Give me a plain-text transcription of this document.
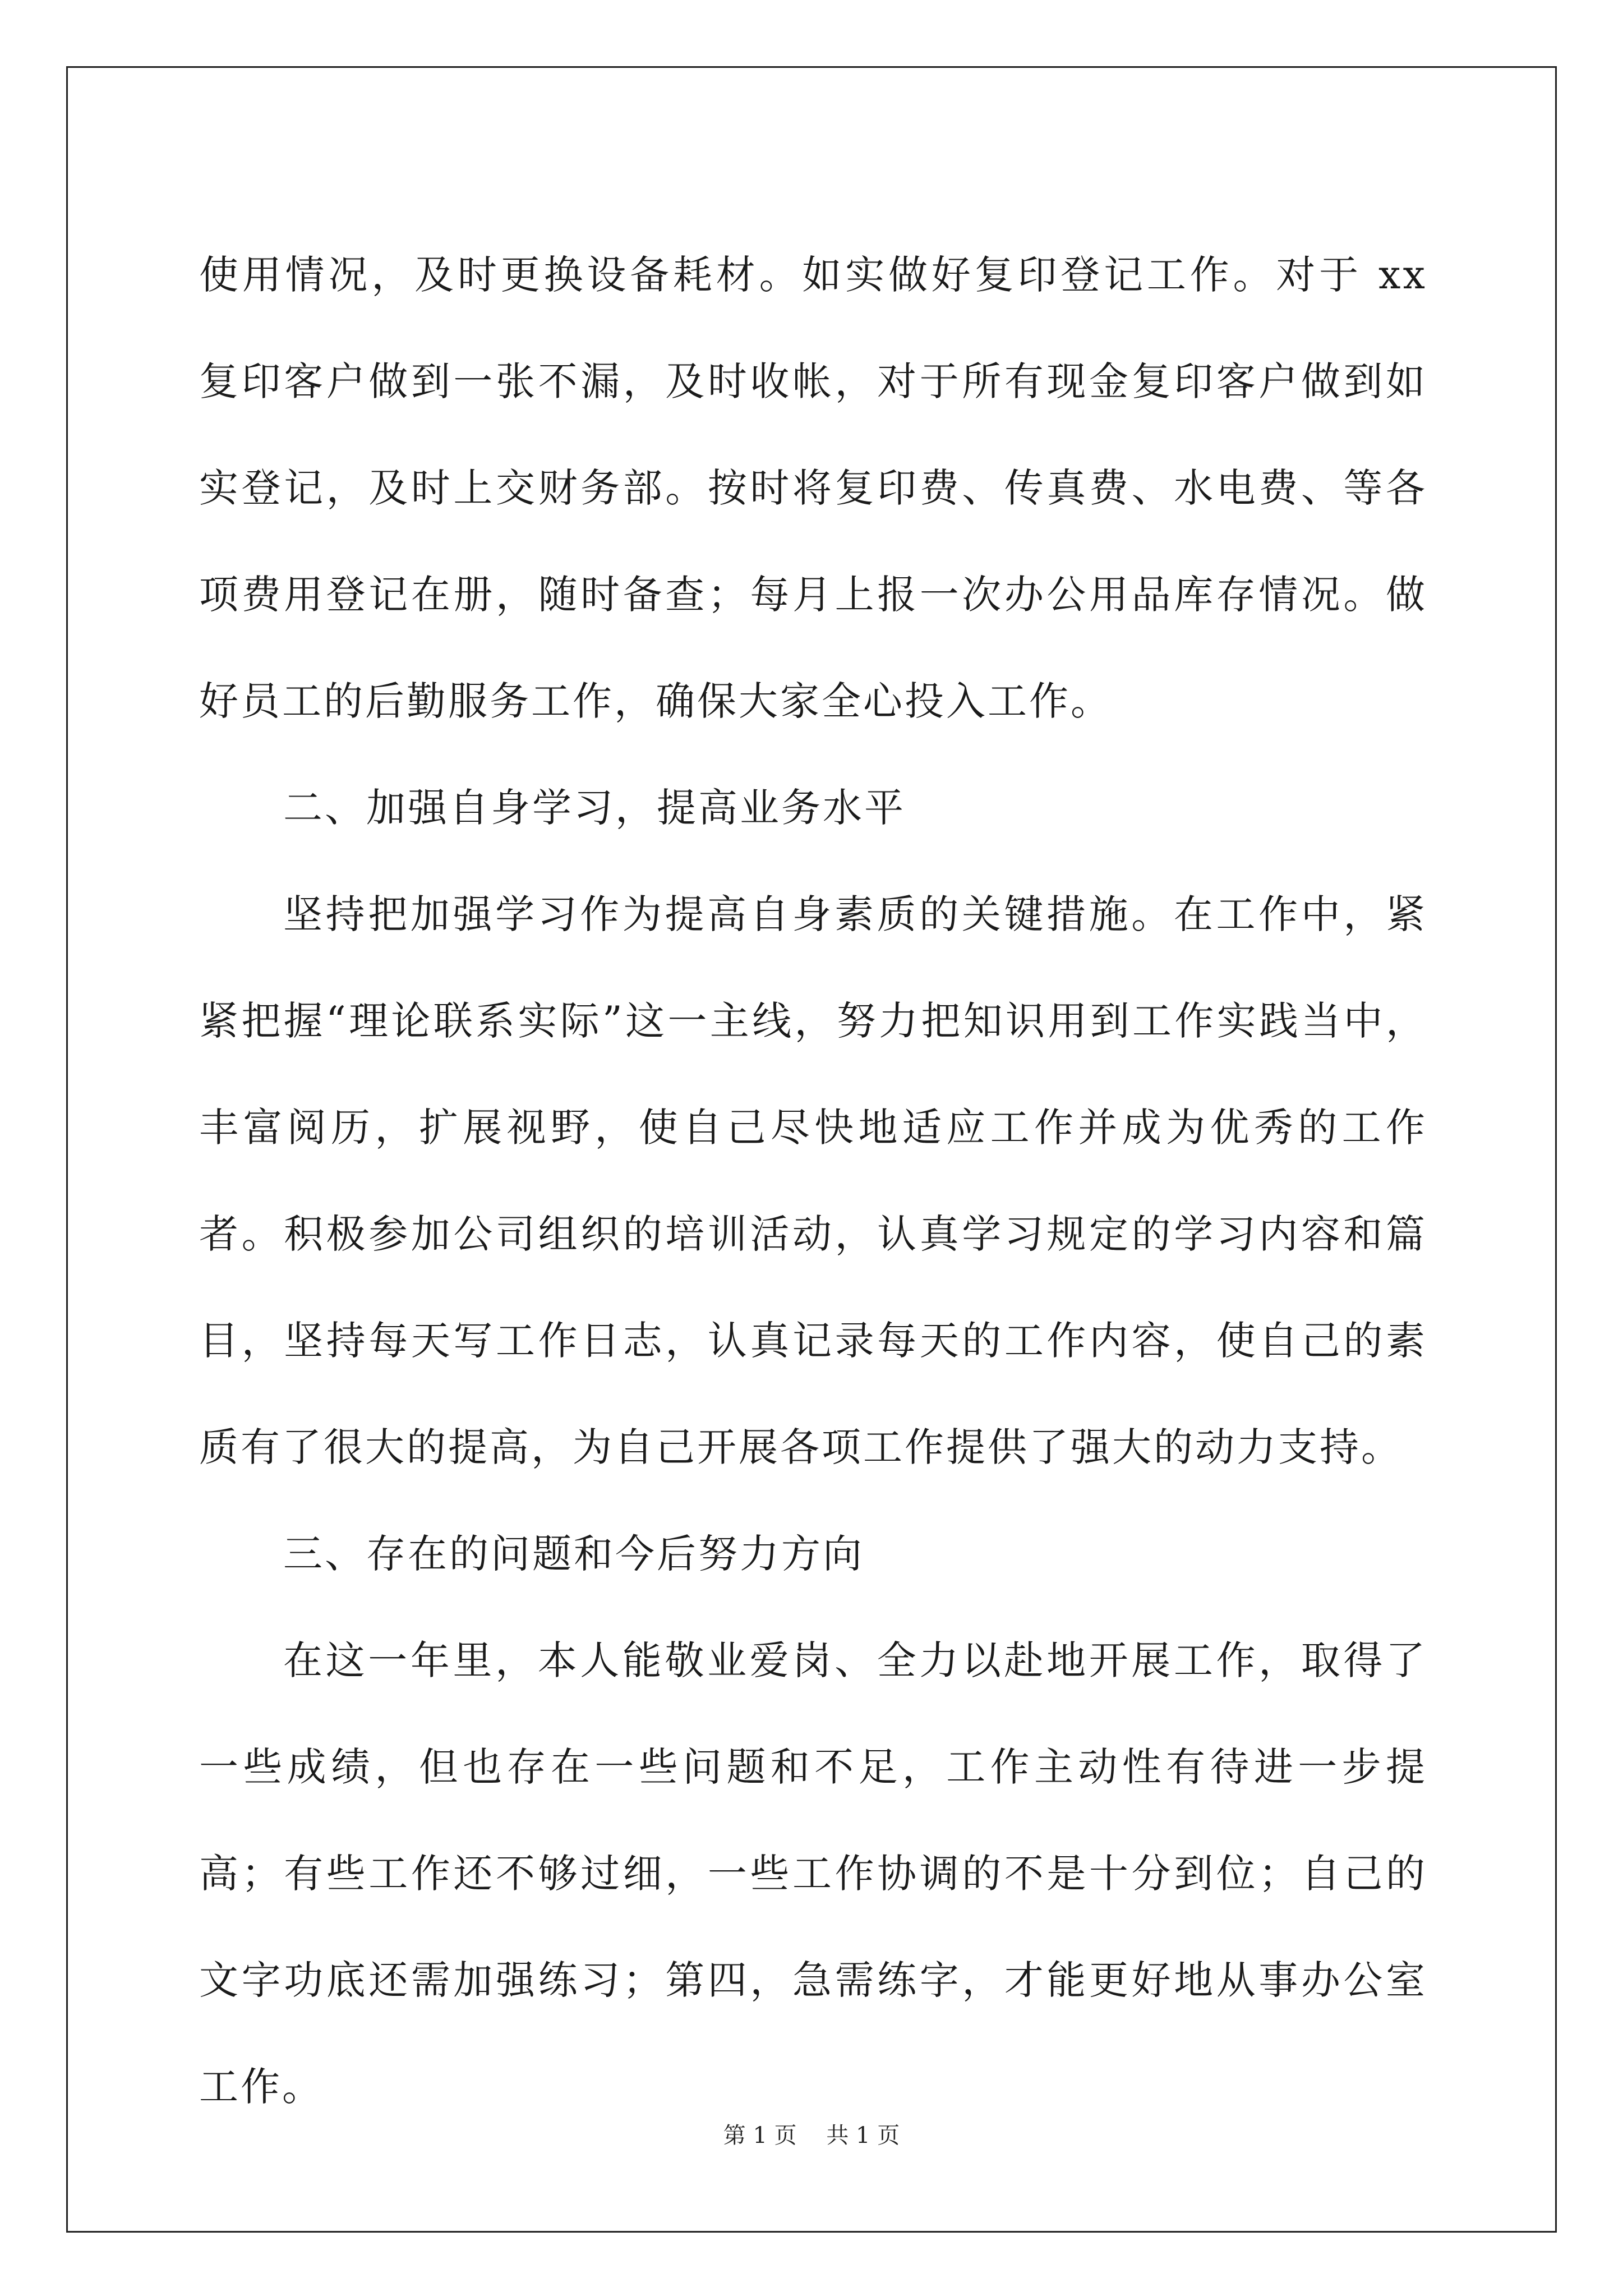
使用情况，及时更换设备耗材。如实做好复印登记工作。对于 xx 复印客户做到一张不漏，及时收帐，对于所有现金复印客户做到如实登记，及时上交财务部。按时将复印费、传真费、水电费、等各项费用登记在册，随时备查；每月上报一次办公用品库存情况。做好员工的后勤服务工作，确保大家全心投入工作。

二、加强自身学习，提高业务水平

坚持把加强学习作为提高自身素质的关键措施。在工作中，紧紧把握“理论联系实际”这一主线，努力把知识用到工作实践当中，丰富阅历，扩展视野，使自己尽快地适应工作并成为优秀的工作者。积极参加公司组织的培训活动，认真学习规定的学习内容和篇目，坚持每天写工作日志，认真记录每天的工作内容，使自己的素质有了很大的提高，为自己开展各项工作提供了强大的动力支持。

三、存在的问题和今后努力方向

在这一年里，本人能敬业爱岗、全力以赴地开展工作，取得了一些成绩，但也存在一些问题和不足，工作主动性有待进一步提高；有些工作还不够过细，一些工作协调的不是十分到位；自己的文字功底还需加强练习；第四，急需练字，才能更好地从事办公室工作。

第 1 页　 共 1 页
